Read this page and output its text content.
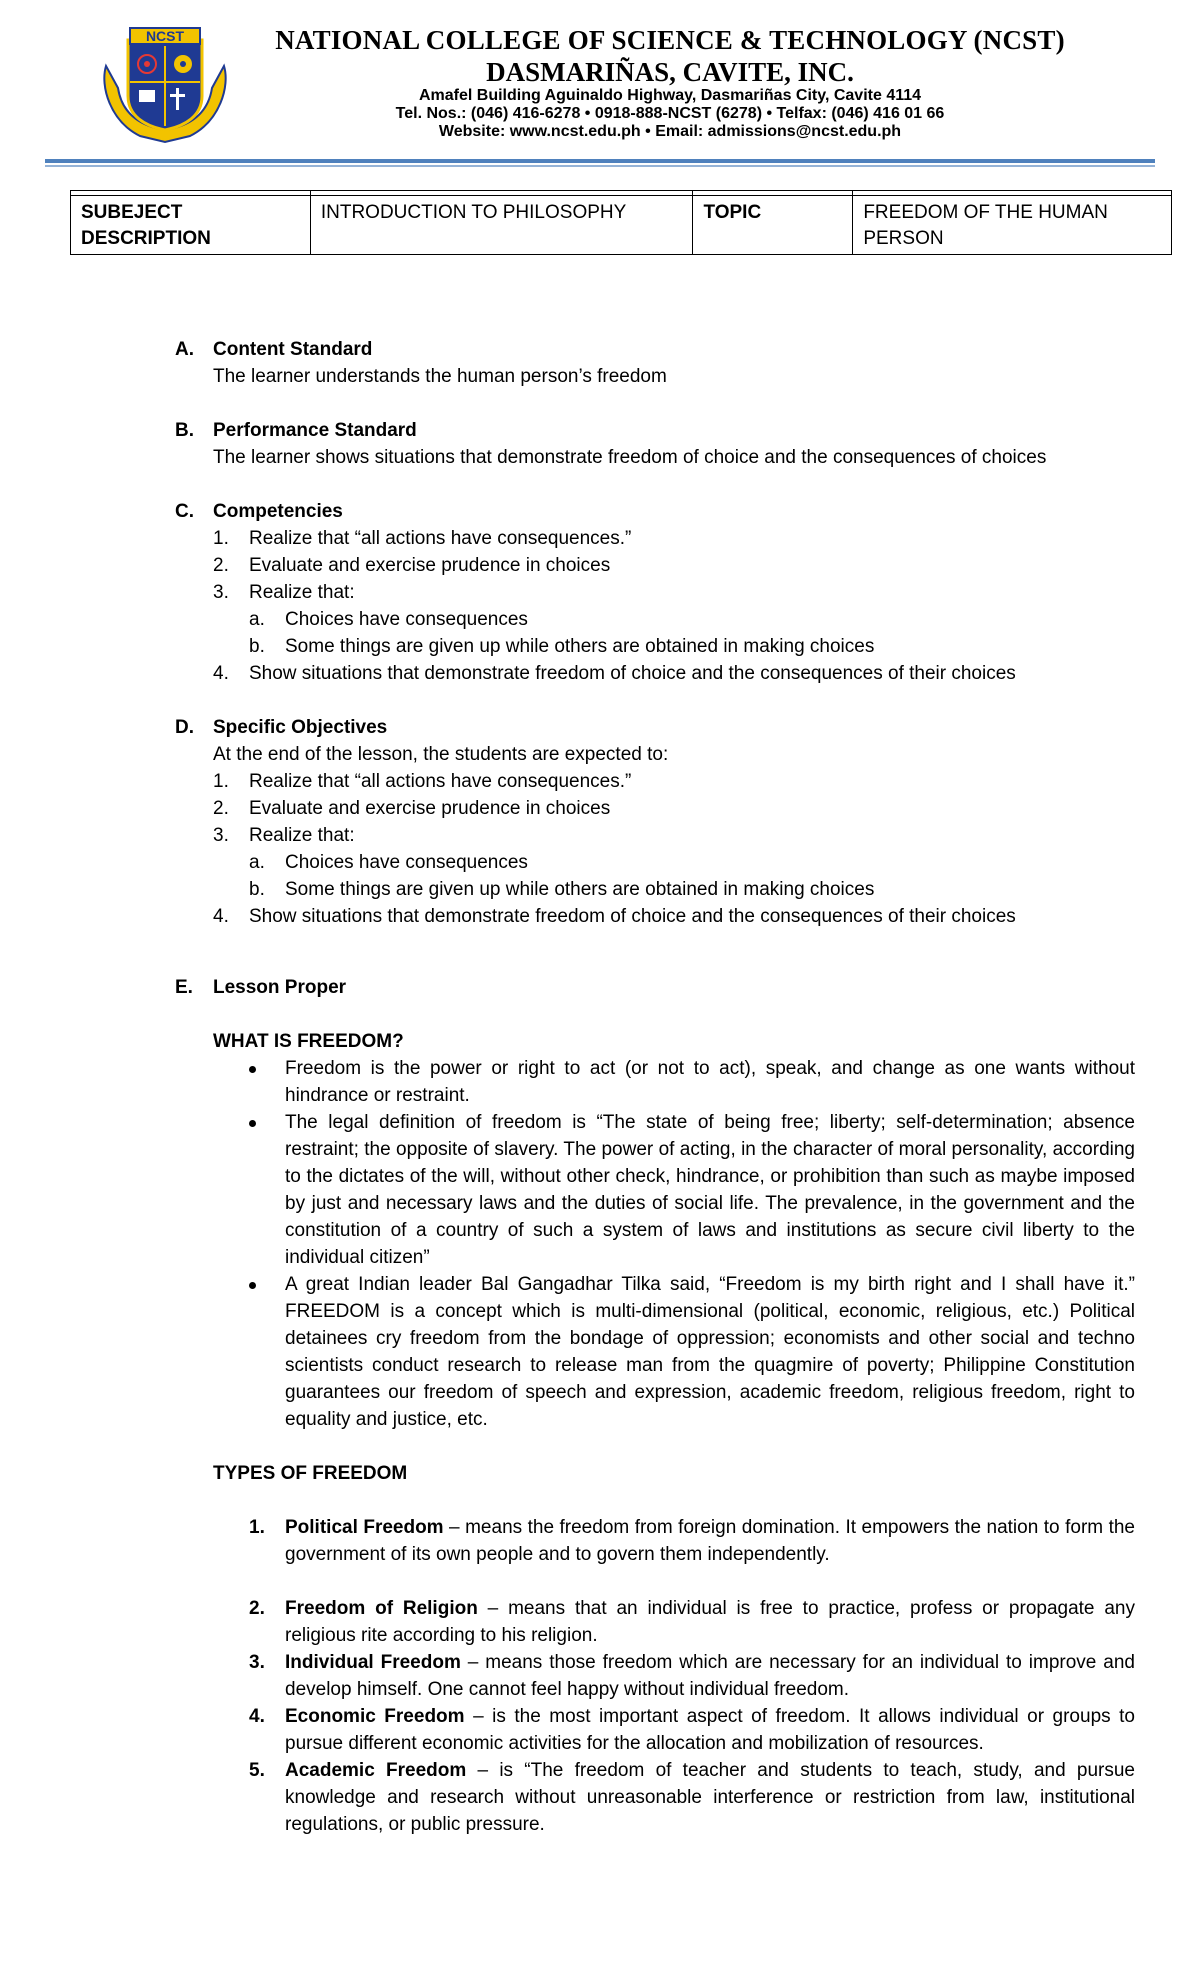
NCST	NATIONAL COLLEGE OF SCIENCE & TECHNOLOGY (NCST)
DASMARIÑAS, CAVITE, INC.
Amafel Building Aguinaldo Highway, Dasmariñas City, Cavite 4114
Tel. Nos.: (046) 416-6278 • 0918-888-NCST (6278) • Telfax: (046) 416 01 66
Website: www.ncst.edu.ph • Email: admissions@ncst.edu.ph

SUBEJECT DESCRIPTION	INTRODUCTION TO PHILOSOPHY	TOPIC	FREEDOM OF THE HUMAN PERSON
A. Content Standard
The learner understands the human person’s freedom
B. Performance Standard
The learner shows situations that demonstrate freedom of choice and the consequences of choices
C. Competencies
1. Realize that “all actions have consequences.”
2. Evaluate and exercise prudence in choices
3. Realize that:
a. Choices have consequences
b. Some things are given up while others are obtained in making choices
4. Show situations that demonstrate freedom of choice and the consequences of their choices
D. Specific Objectives
At the end of the lesson, the students are expected to:
1. Realize that “all actions have consequences.”
2. Evaluate and exercise prudence in choices
3. Realize that:
a. Choices have consequences
b. Some things are given up while others are obtained in making choices
4. Show situations that demonstrate freedom of choice and the consequences of their choices
E. Lesson Proper
WHAT IS FREEDOM?
Freedom is the power or right to act (or not to act), speak, and change as one wants without hindrance or restraint.
The legal definition of freedom is “The state of being free; liberty; self-determination; absence restraint; the opposite of slavery. The power of acting, in the character of moral personality, according to the dictates of the will, without other check, hindrance, or prohibition than such as maybe imposed by just and necessary laws and the duties of social life. The prevalence, in the government and the constitution of a country of such a system of laws and institutions as secure civil liberty to the individual citizen”
A great Indian leader Bal Gangadhar Tilka said, “Freedom is my birth right and I shall have it.” FREEDOM is a concept which is multi-dimensional (political, economic, religious, etc.) Political detainees cry freedom from the bondage of oppression; economists and other social and techno scientists conduct research to release man from the quagmire of poverty; Philippine Constitution guarantees our freedom of speech and expression, academic freedom, religious freedom, right to equality and justice, etc.
TYPES OF FREEDOM
1. Political Freedom – means the freedom from foreign domination. It empowers the nation to form the government of its own people and to govern them independently.
2. Freedom of Religion – means that an individual is free to practice, profess or propagate any religious rite according to his religion.
3. Individual Freedom – means those freedom which are necessary for an individual to improve and develop himself. One cannot feel happy without individual freedom.
4. Economic Freedom – is the most important aspect of freedom. It allows individual or groups to pursue different economic activities for the allocation and mobilization of resources.
5. Academic Freedom – is “The freedom of teacher and students to teach, study, and pursue knowledge and research without unreasonable interference or restriction from law, institutional regulations, or public pressure.
